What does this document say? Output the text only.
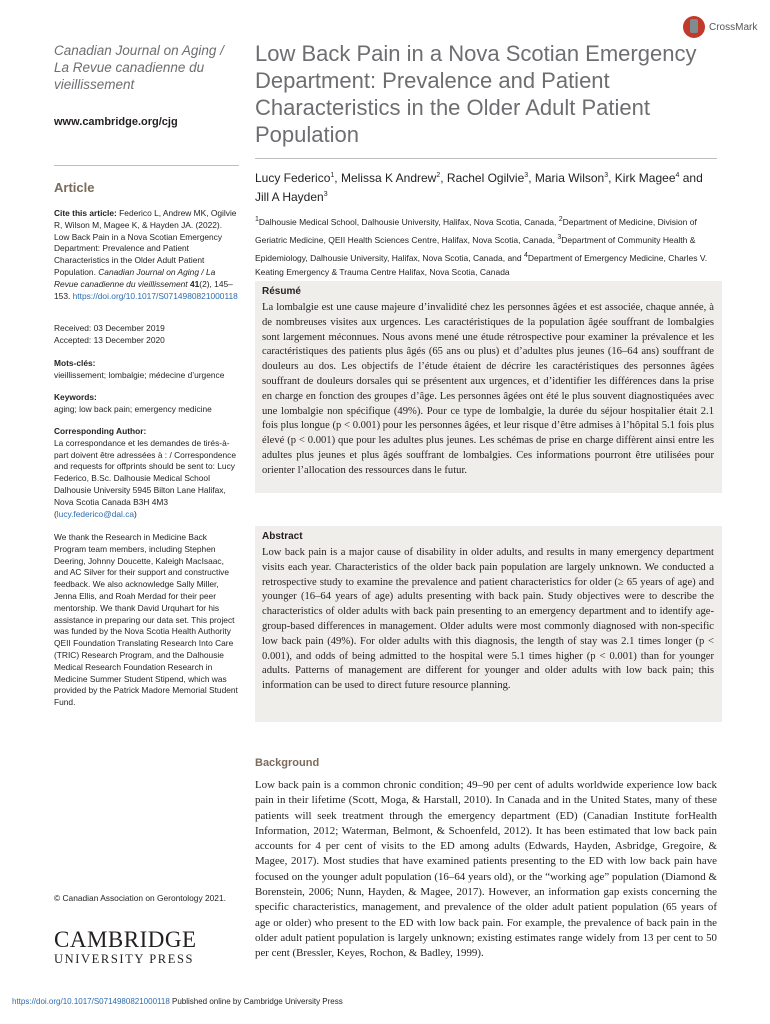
CrossMark
Canadian Journal on Aging /
La Revue canadienne du vieillissement
www.cambridge.org/cjg
Article
Cite this article: Federico L, Andrew MK, Ogilvie R, Wilson M, Magee K, & Hayden JA. (2022). Low Back Pain in a Nova Scotian Emergency Department: Prevalence and Patient Characteristics in the Older Adult Patient Population. Canadian Journal on Aging / La Revue canadienne du vieillissement 41(2), 145–153. https://doi.org/10.1017/S0714980821000118
Received: 03 December 2019
Accepted: 13 December 2020
Mots-clés:
vieillissement; lombalgie; médecine d’urgence
Keywords:
aging; low back pain; emergency medicine
Corresponding Author:
La correspondance et les demandes de tirés-à-part doivent être adressées à : / Correspondence and requests for offprints should be sent to: Lucy Federico, B.Sc. Dalhousie Medical School Dalhousie University 5945 Bilton Lane Halifax, Nova Scotia Canada B3H 4M3 (lucy.federico@dal.ca)
We thank the Research in Medicine Back Program team members, including Stephen Deering, Johnny Doucette, Kaleigh MacIsaac, and AC Silver for their support and constructive feedback. We also acknowledge Sally Miller, Jenna Ellis, and Roah Merdad for their peer mentorship. We thank David Urquhart for his assistance in preparing our data set. This project was funded by the Nova Scotia Health Authority QEII Foundation Translating Research Into Care (TRIC) Research Program, and the Dalhousie Medical Research Foundation Research in Medicine Summer Student Stipend, which was provided by the Patrick Madore Memorial Student Fund.
© Canadian Association on Gerontology 2021.
CAMBRIDGE
UNIVERSITY PRESS
Low Back Pain in a Nova Scotian Emergency Department: Prevalence and Patient Characteristics in the Older Adult Patient Population
Lucy Federico$^1$, Melissa K Andrew$^2$, Rachel Ogilvie$^3$, Maria Wilson$^3$, Kirk Magee$^4$ and Jill A Hayden$^3$
$^1$Dalhousie Medical School, Dalhousie University, Halifax, Nova Scotia, Canada, $^2$Department of Medicine, Division of Geriatric Medicine, QEII Health Sciences Centre, Halifax, Nova Scotia, Canada, $^3$Department of Community Health & Epidemiology, Dalhousie University, Halifax, Nova Scotia, Canada, and $^4$Department of Emergency Medicine, Charles V. Keating Emergency & Trauma Centre Halifax, Nova Scotia, Canada
Résumé
La lombalgie est une cause majeure d’invalidité chez les personnes âgées et est associée, chaque année, à de nombreuses visites aux urgences. Les caractéristiques de la population âgée souffrant de lombalgies sont largement méconnues. Nous avons mené une étude rétrospective pour examiner la prévalence et les caractéristiques des patients plus âgés (65 ans ou plus) et d’adultes plus jeunes (16–64 ans) souffrant de douleurs au dos. Les objectifs de l’étude étaient de décrire les caractéristiques des personnes âgées souffrant de douleurs dorsales qui se présentent aux urgences, et d’identifier les différences dans la prise en charge en fonction des groupes d’âge. Les personnes âgées ont été le plus souvent diagnostiquées avec une lombalgie non spécifique (49%). Pour ce type de lombalgie, la durée du séjour hospitalier était 2.1 fois plus longue (p < 0.001) pour les personnes âgées, et leur risque d’être admises à l’hôpital 5.1 fois plus élevé (p < 0.001) que pour les adultes plus jeunes. Les schémas de prise en charge diffèrent ainsi entre les adultes plus jeunes et plus âgés souffrant de lombalgies. Ces informations pourront être utilisées pour orienter l’allocation des ressources dans le futur.
Abstract
Low back pain is a major cause of disability in older adults, and results in many emergency department visits each year. Characteristics of the older back pain population are largely unknown. We conducted a retrospective study to examine the prevalence and patient characteristics for older (≥ 65 years of age) and younger (16–64 years of age) adults presenting with back pain. Study objectives were to describe the characteristics of older adults with back pain presenting to an emergency department and to identify age-group-based differences in management. Older adults were most commonly diagnosed with non-specific low back pain (49%). For older adults with this diagnosis, the length of stay was 2.1 times longer (p < 0.001), and odds of being admitted to the hospital were 5.1 times higher (p < 0.001) than for younger adults. Patterns of management are different for younger and older adults with low back pain; this information can be used to direct future resource planning.
Background
Low back pain is a common chronic condition; 49–90 per cent of adults worldwide experience low back pain in their lifetime (Scott, Moga, & Harstall, 2010). In Canada and in the United States, many of these patients will seek treatment through the emergency department (ED) (Canadian Institute forHealth Information, 2012; Waterman, Belmont, & Schoenfeld, 2012). It has been estimated that low back pain accounts for 4 per cent of visits to the ED among adults (Edwards, Hayden, Asbridge, Gregoire, & Magee, 2017). Most studies that have examined patients presenting to the ED with low back pain have focused on the younger adult population (16–64 years old), or the “working age” population (Diamond & Borenstein, 2006; Nunn, Hayden, & Magee, 2017). However, an information gap exists concerning the specific characteristics, management, and prevalence of the older adult patient population (65 years of age or older) who present to the ED with low back pain. For example, the prevalence of back pain in the older adult patient population is largely unknown; existing estimates range widely from 13 per cent to 50 per cent (Bressler, Keyes, Rochon, & Badley, 1999).
https://doi.org/10.1017/S0714980821000118 Published online by Cambridge University Press
